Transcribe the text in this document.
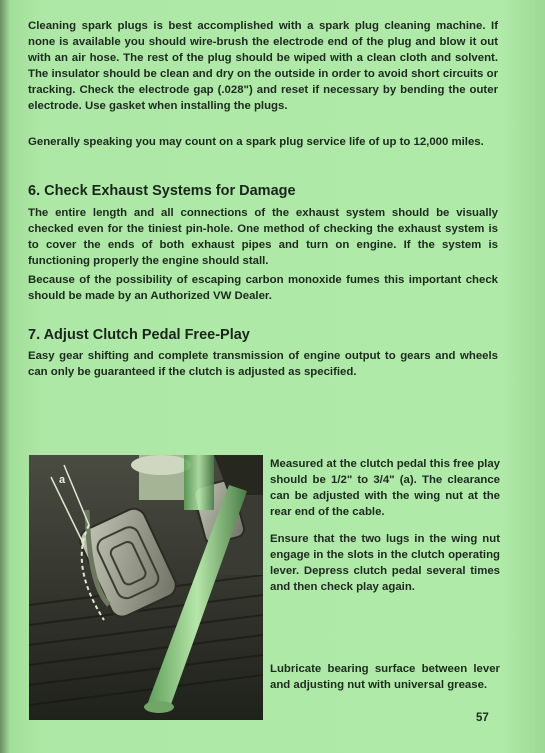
Cleaning spark plugs is best accomplished with a spark plug cleaning machine. If none is available you should wire-brush the electrode end of the plug and blow it out with an air hose. The rest of the plug should be wiped with a clean cloth and solvent. The insulator should be clean and dry on the outside in order to avoid short circuits or tracking. Check the electrode gap (.028") and reset if necessary by bending the outer electrode. Use gasket when installing the plugs.

Generally speaking you may count on a spark plug service life of up to 12,000 miles.

6. Check Exhaust Systems for Damage

The entire length and all connections of the exhaust system should be visually checked even for the tiniest pin-hole. One method of checking the exhaust system is to cover the ends of both exhaust pipes and turn on engine. If the system is functioning properly the engine should stall.

Because of the possibility of escaping carbon monoxide fumes this important check should be made by an Authorized VW Dealer.

7. Adjust Clutch Pedal Free-Play

Easy gear shifting and complete transmission of engine output to gears and wheels can only be guaranteed if the clutch is adjusted as specified.

a

Measured at the clutch pedal this free play should be 1/2" to 3/4" (a). The clearance can be adjusted with the wing nut at the rear end of the cable.

Ensure that the two lugs in the wing nut engage in the slots in the clutch operating lever. Depress clutch pedal several times and then check play again.

Lubricate bearing surface between lever and adjusting nut with universal grease.

57
